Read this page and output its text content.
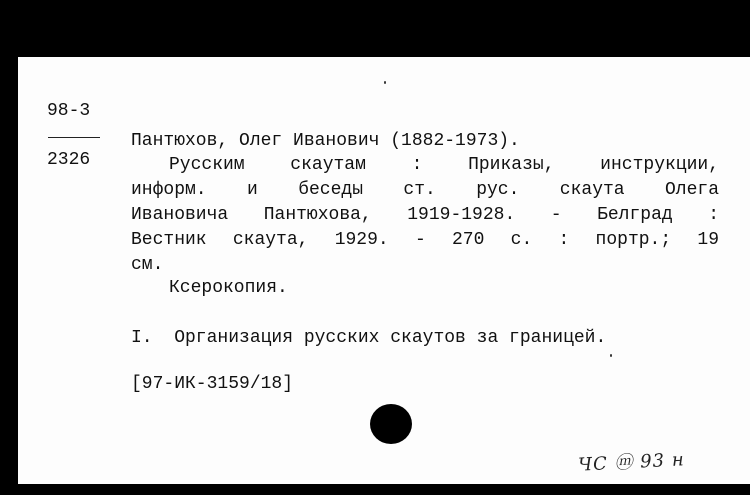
98-3
2326
Пантюхов, Олег Иванович (1882-1973).
Русским скаутам : Приказы, инструкции,
информ. и беседы ст. рус. скаута Олега
Ивановича Пантюхова, 1919-1928. - Белград :
Вестник скаута, 1929. - 270 с. : портр.; 19
см.
Ксерокопия.
I.  Организация русских скаутов за границей.
[97-ИК-3159/18]
ЧС ⓜ 93 н
